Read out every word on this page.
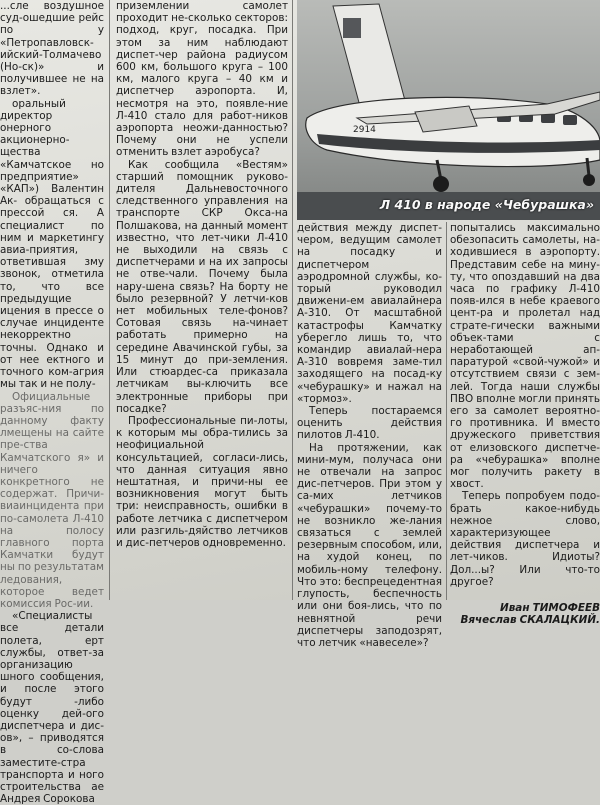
...сле воздушное суд-ошедшие рейс по у «Петропавловск-ийский-Толмачево (Но-ск)» и получившее не на взлет».

оральный директор онерного акционерно-щества «Камчатское но предприятие» «КАП») Валентин Ак- обращаться с прессой ся. А специалист по ним и маркетингу авиа-приятия, ответившая зму звонок, отметила то, что все предыдущие ицения в прессе о случае инциденте некорректно точны. Однако и от нее ектного и точного ком-агрия мы так и не полу-

Официальные разъяс-ния по данному факту лмещены на сайте пре-ства Камчатского я» и ничего конкретного не содержат. Причи-виаинцидента при по-самолета Л-410 на полосу главного порта Камчатки будут ны по результатам ледования, которое ведет комиссия Рос-ии.

«Специалисты все детали полета, ерт службы, ответ-за организацию шного сообщения, и после этого будут -либо оценку дей-ого диспетчера и дис-ов», – приводятся в со-слова заместите-стра транспорта и ного строительства ае Андрея Сорокова

приземлении самолет проходит не-сколько секторов: подход, круг, посадка. При этом за ним наблюдают диспет-чер района радиусом 600 км, большого круга – 100 км, малого круга – 40 км и диспетчер аэропорта. И, несмотря на это, появле-ние Л-410 стало для работ-ников аэропорта неожи-данностью? Почему они не успели отменить взлет аэробуса?

Как сообщила «Вестям» старший помощник руково-дителя Дальневосточного следственного управления на транспорте СКР Окса-на Полшакова, на данный момент известно, что лет-чики Л-410 не выходили на связь с диспетчерами и на их запросы не отве-чали. Почему была нару-шена связь? На борту не было резервной? У летчи-ков нет мобильных теле-фонов? Сотовая связь на-чинает работать примерно на середине Авачинской губы, за 15 минут до при-земления. Или стюардес-са приказала летчикам вы-ключить все электронные приборы при посадке?

Профессиональные пи-лоты, к которым мы обра-тились за неофициальной консультацией, согласи-лись, что данная ситуация явно нештатная, и причи-ны ее возникновения могут быть три: неисправность, ошибки в работе летчика с диспетчером или разгиль-дяйство летчиков и дис-петчеров одновременно.

2914

Л 410 в народе «Чебурашка»

действия между диспет-чером, ведущим самолет на посадку и диспетчером аэродромной службы, ко-торый руководил движени-ем авиалайнера А-310. От масштабной катастрофы Камчатку уберегло лишь то, что командир авиалай-нера А-310 вовремя заме-тил заходящего на посад-ку «чебурашку» и нажал на «тормоз».

Теперь постараемся оценить действия пилотов Л-410.

На протяжении, как мини-мум, получаса они не отвечали на запрос дис-петчеров. При этом у са-мих летчиков «чебурашки» почему-то не возникло же-лания связаться с землей резервным способом, или, на худой конец, по мобиль-ному телефону. Что это: беспрецедентная глупость, беспечность или они боя-лись, что по невнятной речи диспетчеры заподозрят, что летчик «навеселе»?

попытались максимально обезопасить самолеты, на-ходившиеся в аэропорту. Представим себе на мину-ту, что опоздавший на два часа по графику Л-410 появ-ился в небе краевого цент-ра и пролетал над страте-гически важными объек-тами с неработающей ап-паратурой «свой-чужой» и отсутствием связи с зем-лей. Тогда наши службы ПВО вполне могли принять его за самолет вероятно-го противника. И вместо дружеского приветствия от елизовского диспетче-ра «чебурашка» вполне мог получить ракету в хвост.

Теперь попробуем подо-брать какое-нибудь нежное слово, характеризующее действия диспетчера и лет-чиков. Идиоты? Дол...ы? Или что-то другое?

Иван ТИМОФЕЕВ

Вячеслав СКАЛАЦКИЙ.
